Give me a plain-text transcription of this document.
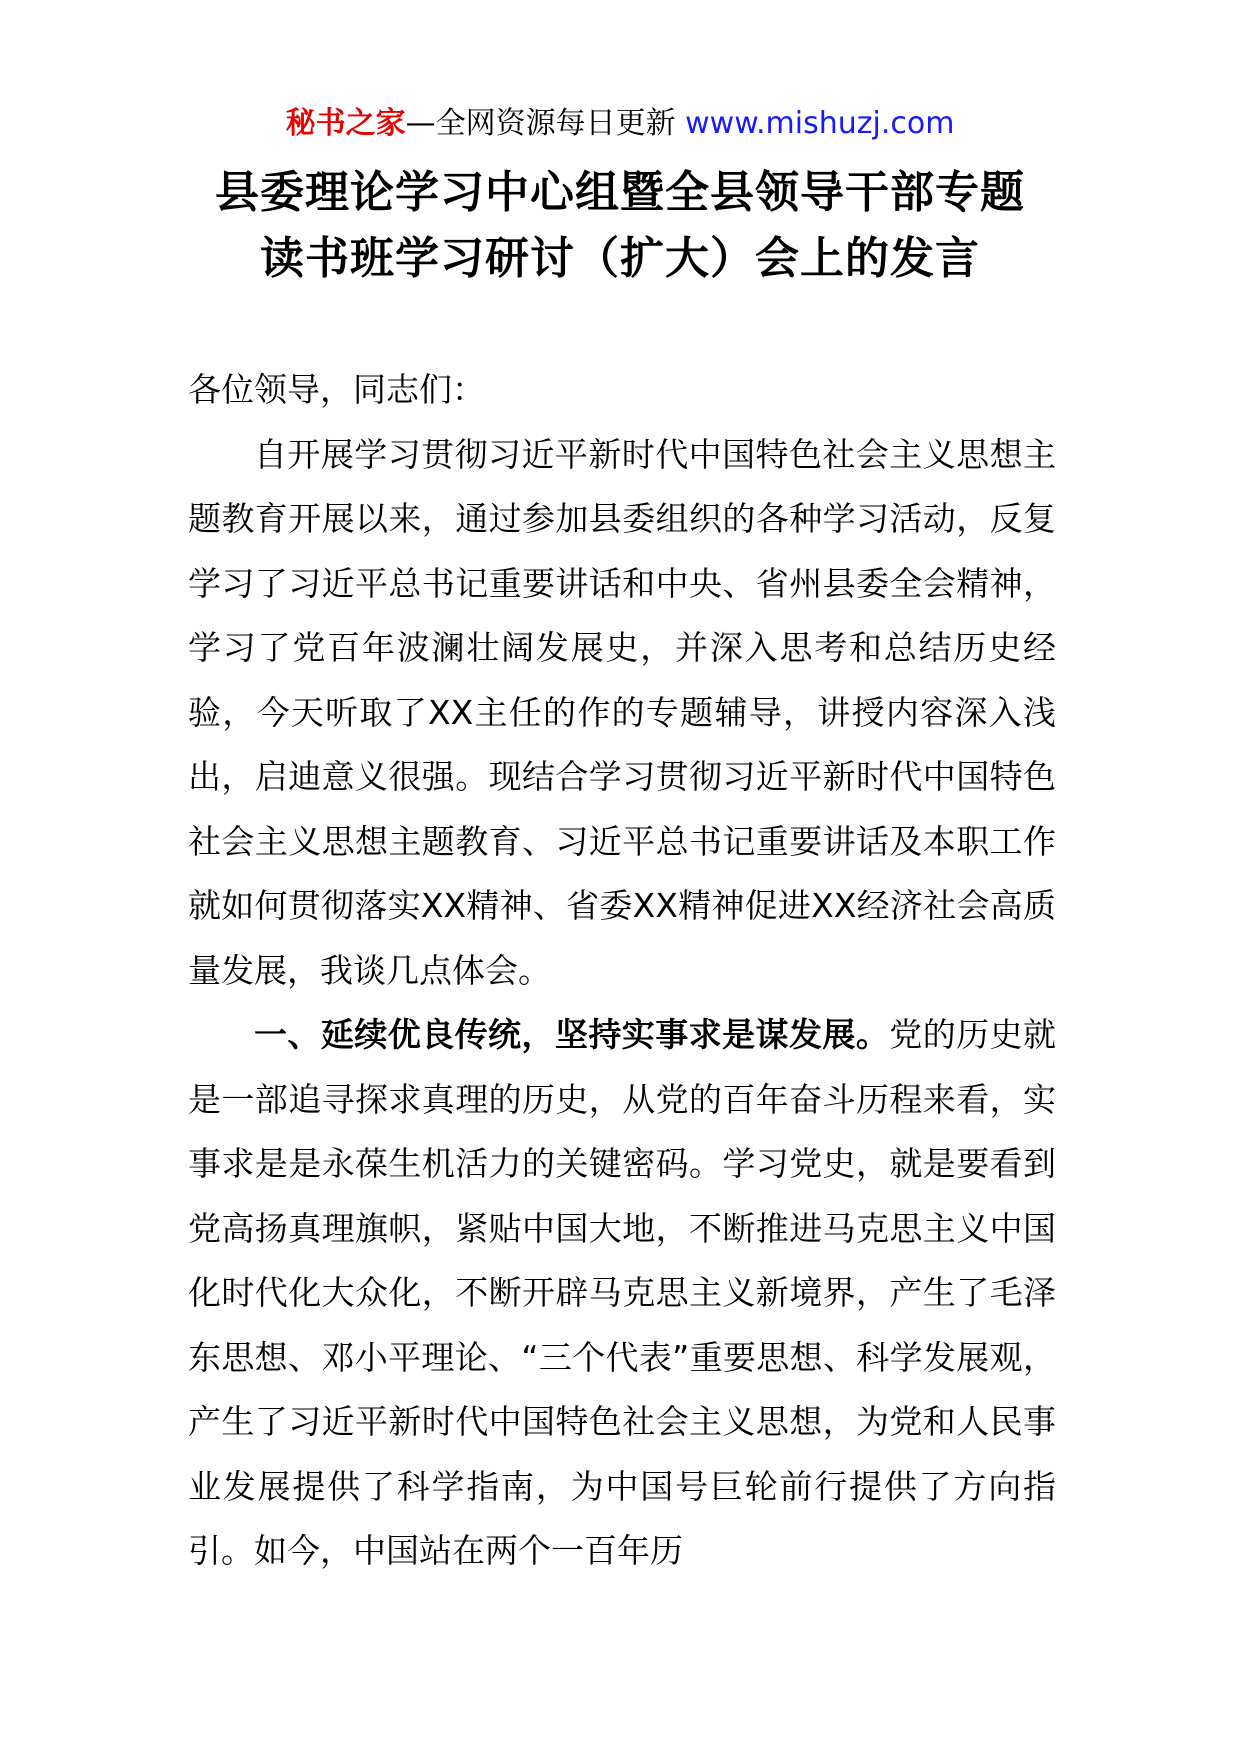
秘书之家—全网资源每日更新 www.mishuzj.com
县委理论学习中心组暨全县领导干部专题
读书班学习研讨（扩大）会上的发言

各位领导，同志们：

自开展学习贯彻习近平新时代中国特色社会主义思想主题教育开展以来，通过参加县委组织的各种学习活动，反复学习了习近平总书记重要讲话和中央、省州县委全会精神，学习了党百年波澜壮阔发展史，并深入思考和总结历史经验，今天听取了XX主任的作的专题辅导，讲授内容深入浅出，启迪意义很强。现结合学习贯彻习近平新时代中国特色社会主义思想主题教育、习近平总书记重要讲话及本职工作就如何贯彻落实XX精神、省委XX精神促进XX经济社会高质量发展，我谈几点体会。

一、延续优良传统，坚持实事求是谋发展。党的历史就是一部追寻探求真理的历史，从党的百年奋斗历程来看，实事求是是永葆生机活力的关键密码。学习党史，就是要看到党高扬真理旗帜，紧贴中国大地，不断推进马克思主义中国化时代化大众化，不断开辟马克思主义新境界，产生了毛泽东思想、邓小平理论、“三个代表”重要思想、科学发展观，产生了习近平新时代中国特色社会主义思想，为党和人民事业发展提供了科学指南，为中国号巨轮前行提供了方向指引。如今，中国站在两个一百年历
